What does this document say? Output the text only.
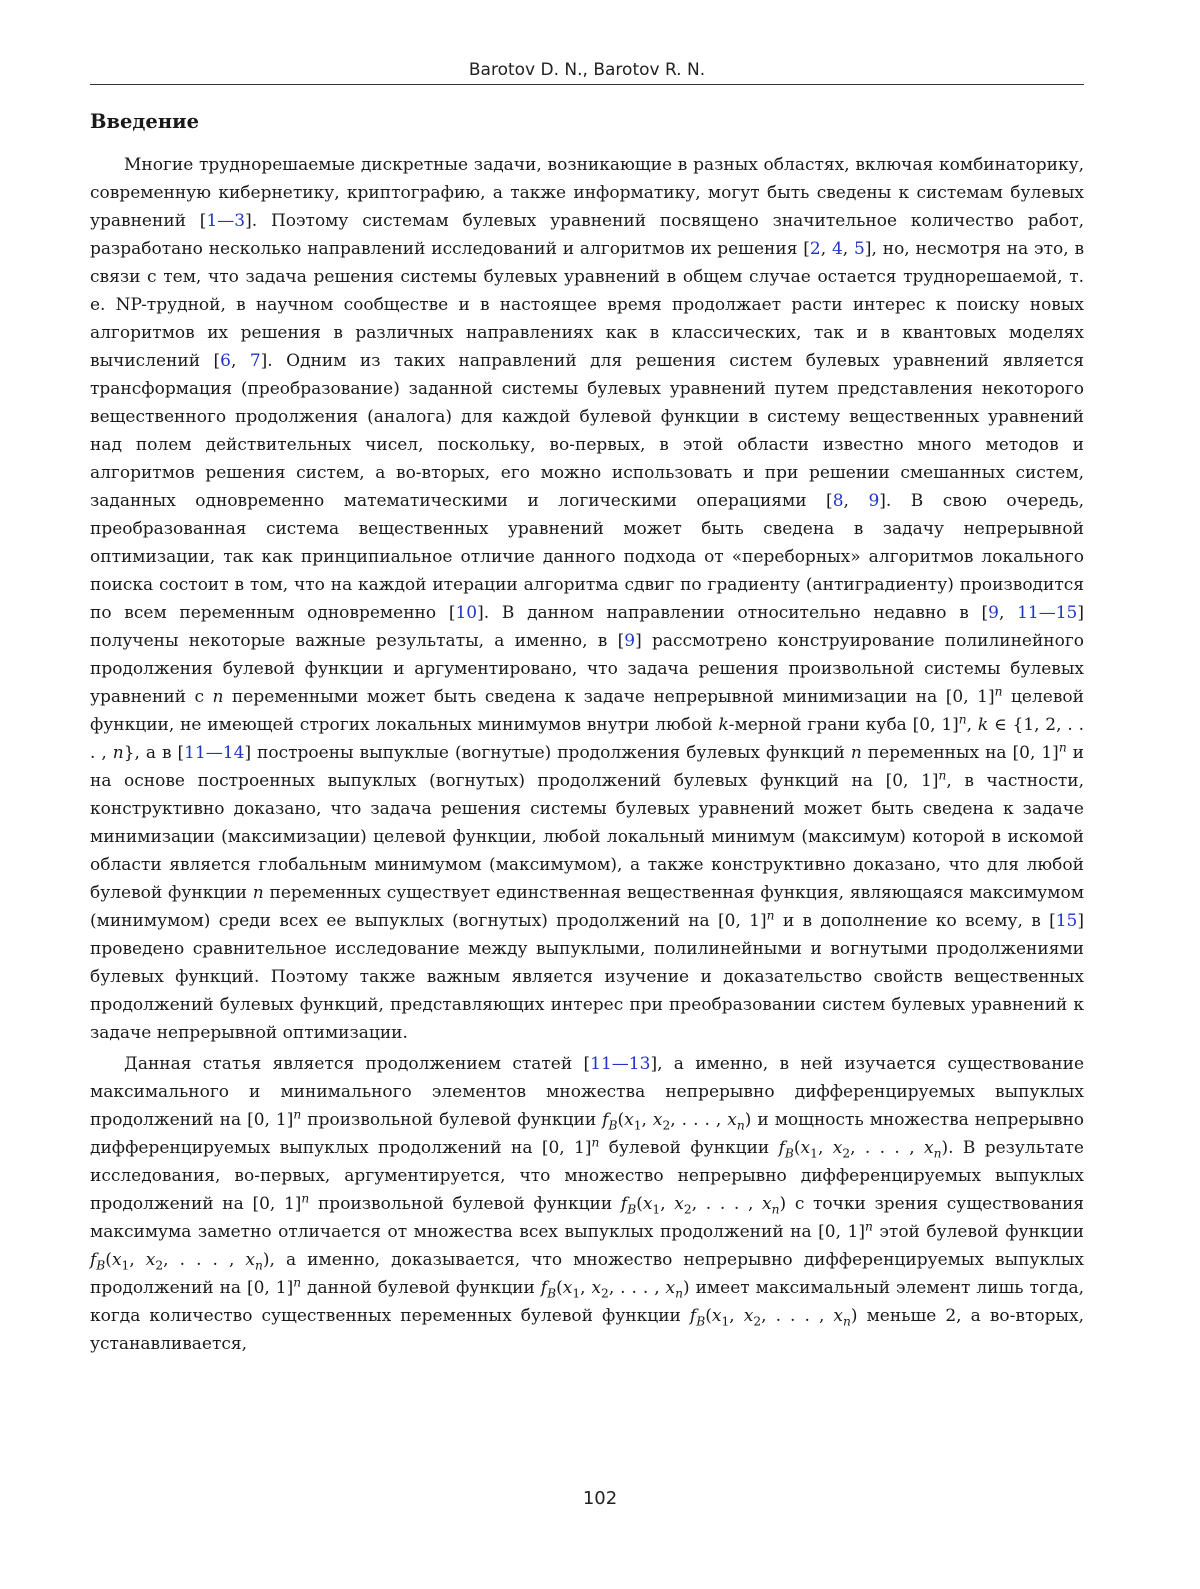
Barotov D. N., Barotov R. N.
Введение

Многие труднорешаемые дискретные задачи, возникающие в разных областях, включая комбинаторику, современную кибернетику, криптографию, а также информатику, могут быть сведены к системам булевых уравнений [1—3]. Поэтому системам булевых уравнений посвящено значительное количество работ, разработано несколько направлений исследований и алгоритмов их решения [2, 4, 5], но, несмотря на это, в связи с тем, что задача решения системы булевых уравнений в общем случае остается труднорешаемой, т. е. NP-трудной, в научном сообществе и в настоящее время продолжает расти интерес к поиску новых алгоритмов их решения в различных направлениях как в классических, так и в квантовых моделях вычислений [6, 7]. Одним из таких направлений для решения систем булевых уравнений является трансформация (преобразование) заданной системы булевых уравнений путем представления некоторого вещественного продолжения (аналога) для каждой булевой функции в систему вещественных уравнений над полем действительных чисел, поскольку, во-первых, в этой области известно много методов и алгоритмов решения систем, а во-вторых, его можно использовать и при решении смешанных систем, заданных одновременно математическими и логическими операциями [8, 9]. В свою очередь, преобразованная система вещественных уравнений может быть сведена в задачу непрерывной оптимизации, так как принципиальное отличие данного подхода от «переборных» алгоритмов локального поиска состоит в том, что на каждой итерации алгоритма сдвиг по градиенту (антиградиенту) производится по всем переменным одновременно [10]. В данном направлении относительно недавно в [9, 11—15] получены некоторые важные результаты, а именно, в [9] рассмотрено конструирование полилинейного продолжения булевой функции и аргументировано, что задача решения произвольной системы булевых уравнений с n переменными может быть сведена к задаче непрерывной минимизации на [0, 1]$^n$ целевой функции, не имеющей строгих локальных минимумов внутри любой k-мерной грани куба [0, 1]$^n$, k ∈ {1, 2, . . . , n}, а в [11—14] построены выпуклые (вогнутые) продолжения булевых функций n переменных на [0, 1]$^n$ и на основе построенных выпуклых (вогнутых) продолжений булевых функций на [0, 1]$^n$, в частности, конструктивно доказано, что задача решения системы булевых уравнений может быть сведена к задаче минимизации (максимизации) целевой функции, любой локальный минимум (максимум) которой в искомой области является глобальным минимумом (максимумом), а также конструктивно доказано, что для любой булевой функции n переменных существует единственная вещественная функция, являющаяся максимумом (минимумом) среди всех ее выпуклых (вогнутых) продолжений на [0, 1]$^n$ и в дополнение ко всему, в [15] проведено сравнительное исследование между выпуклыми, полилинейными и вогнутыми продолжениями булевых функций. Поэтому также важным является изучение и доказательство свойств вещественных продолжений булевых функций, представляющих интерес при преобразовании систем булевых уравнений к задаче непрерывной оптимизации.

Данная статья является продолжением статей [11—13], а именно, в ней изучается существование максимального и минимального элементов множества непрерывно дифференцируемых выпуклых продолжений на [0, 1]$^n$ произвольной булевой функции $f_B(x_1$, $x_2$, . . . , $x_n$) и мощность множества непрерывно дифференцируемых выпуклых продолжений на [0, 1]$^n$ булевой функции $f_B(x_1$, $x_2$, . . . , $x_n$). В результате исследования, во-первых, аргументируется, что множество непрерывно дифференцируемых выпуклых продолжений на [0, 1]$^n$ произвольной булевой функции $f_B(x_1$, $x_2$, . . . , $x_n$) с точки зрения существования максимума заметно отличается от множества всех выпуклых продолжений на [0, 1]$^n$ этой булевой функции $f_B(x_1$, $x_2$, . . . , $x_n$), а именно, доказывается, что множество непрерывно дифференцируемых выпуклых продолжений на [0, 1]$^n$ данной булевой функции $f_B(x_1$, $x_2$, . . . , $x_n$) имеет максимальный элемент лишь тогда, когда количество существенных переменных булевой функции $f_B(x_1$, $x_2$, . . . , $x_n$) меньше 2, а во-вторых, устанавливается,

102
